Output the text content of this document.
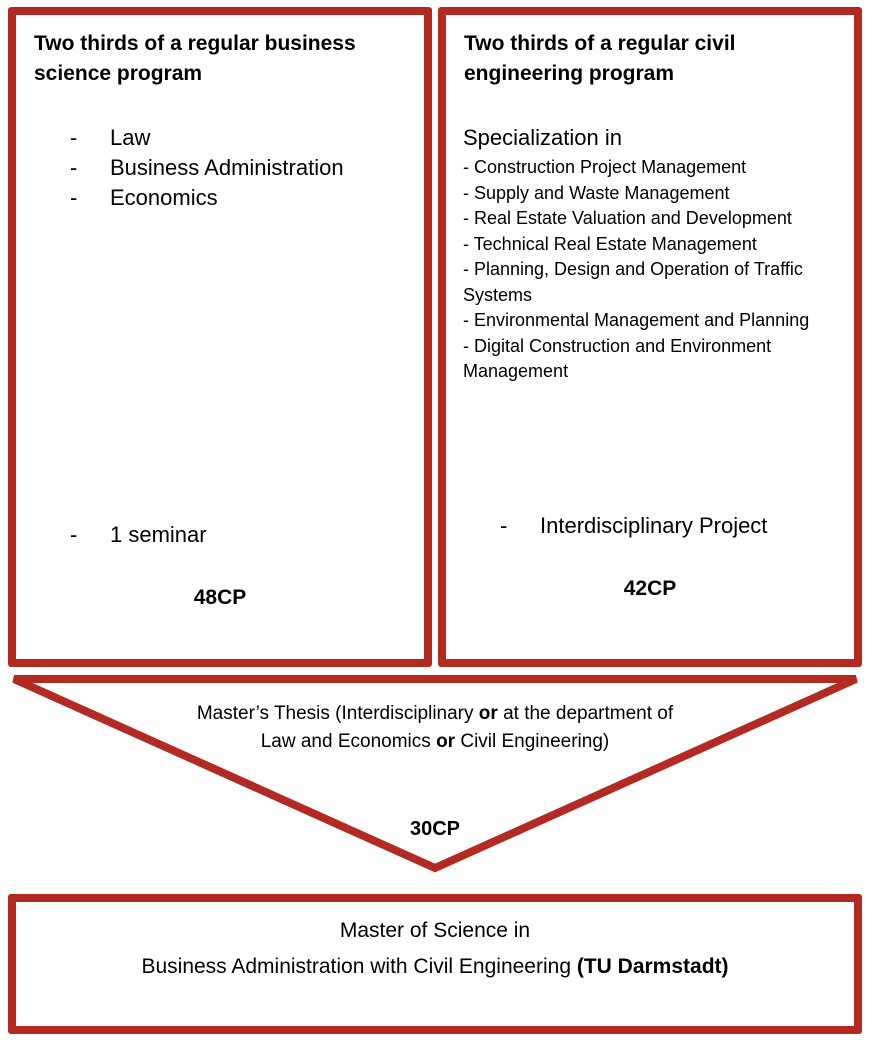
Two thirds of a regular business science program
- Law
- Business Administration
- Economics
- 1 seminar
48CP
Two thirds of a regular civil engineering program
Specialization in
- Construction Project Management
- Supply and Waste Management
- Real Estate Valuation and Development
- Technical Real Estate Management
- Planning, Design and Operation of Traffic Systems
- Environmental Management and Planning
- Digital Construction and Environment Management
- Interdisciplinary Project
42CP
Master’s Thesis (Interdisciplinary or at the department of Law and Economics or Civil Engineering)
30CP
Master of Science in
Business Administration with Civil Engineering (TU Darmstadt)
